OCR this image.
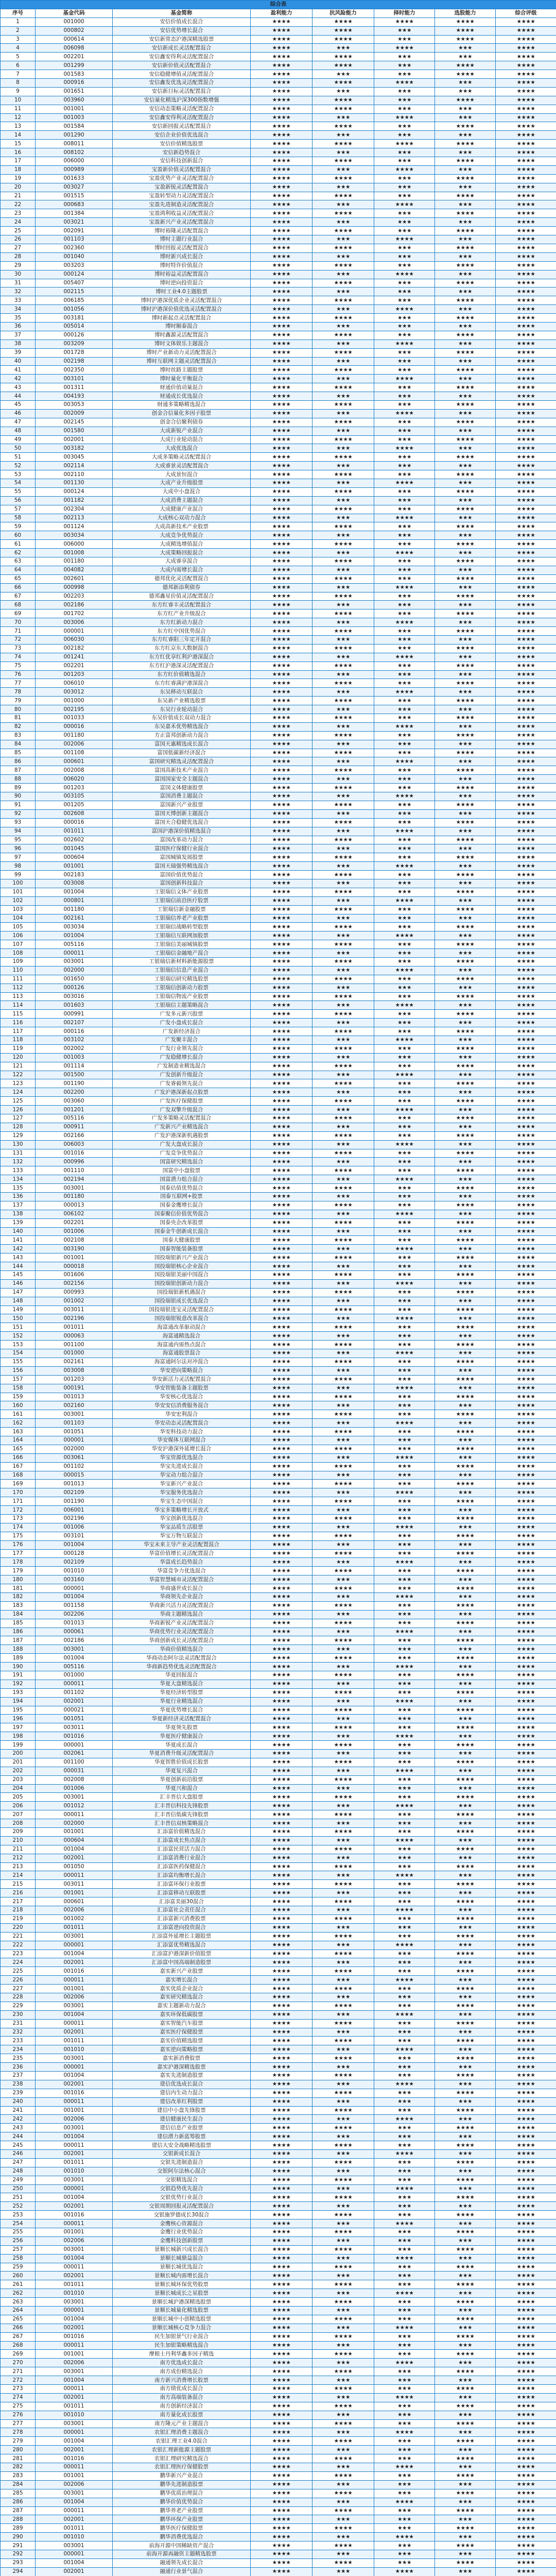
综合表							
序号	基金代码	基金简称	盈利能力	抗风险能力	择时能力	选股能力	综合评级
1	001000	安信价值成长混合	★★★★	★★★★	★★★★	★★★★	★★★★
2	000802	安信优势增长混合	★★★★	★★★★	★★★	★★★★	★★★★
3	000614	安信新常态沪港深精选股票	★★★★	★★★★	★★★	★★★★	★★★★
4	006098	安信新成长灵活配置混合	★★★★	★★★	★★★★	★★★	★★★★
5	002201	安信鑫安得利灵活配置混合	★★★★	★★★★	★★★	★★★	★★★★
6	001299	安信新价值灵活配置混合	★★★★	★★★★	★★★	★★★★	★★★★
7	001583	安信稳健增值灵活配置混合	★★★★	★★★	★★★	★★★★	★★★★
8	000916	安信鑫发优选灵活配置混合	★★★★	★★★★	★★★★	★★★	★★★★
9	001651	安信新目标灵活配置混合	★★★★	★★★	★★★	★★★	★★★★
10	003960	安信量化精选沪深300指数增强	★★★★	★★★★	★★★	★★★★	★★★★
11	001001	安信动态策略灵活配置混合	★★★★	★★★★	★★★	★★★	★★★★
12	001003	安信鑫安得利灵活配置混合	★★★★	★★★	★★★★	★★★	★★★★
13	001584	安信新回报灵活配置混合	★★★★	★★★★	★★★	★★★★	★★★★
14	001290	安信企业价值优选混合	★★★★	★★★	★★★	★★★	★★★★
15	008011	安信价值精选股票	★★★★	★★★★	★★★★	★★★★	★★★★
16	008102	安信新趋势混合	★★★★	★★★	★★★	★★★	★★★★
17	006000	安信科技创新混合	★★★★	★★★★	★★★	★★★★	★★★★
18	000989	宝盈新价值灵活配置混合	★★★★	★★★	★★★★	★★★	★★★★
19	001633	宝盈优势产业灵活配置混合	★★★★	★★★★	★★★	★★★★	★★★★
20	003027	宝盈新锐灵活配置混合	★★★★	★★★	★★★	★★★	★★★★
21	001515	宝盈转型动力灵活配置混合	★★★★	★★★★	★★★	★★★★	★★★★
22	000683	宝盈先进制造灵活配置混合	★★★★	★★★	★★★★	★★★	★★★★
23	001384	宝盈鸿利收益灵活配置混合	★★★★	★★★★	★★★	★★★★	★★★★
24	003021	宝盈新兴产业灵活配置混合	★★★★	★★★	★★★	★★★	★★★★
25	002091	博时裕隆灵活配置混合	★★★★	★★★★	★★★	★★★★	★★★★
26	001103	博时主题行业混合	★★★★	★★★	★★★★	★★★	★★★★
27	002360	博时回报灵活配置混合	★★★★	★★★★	★★★	★★★★	★★★★
28	001040	博时新兴成长混合	★★★★	★★★	★★★	★★★	★★★★
29	003203	博时特许价值混合	★★★★	★★★★	★★★	★★★★	★★★★
30	000124	博时裕益灵活配置混合	★★★★	★★★	★★★★	★★★	★★★★
31	005407	博时逆向投资混合	★★★★	★★★★	★★★	★★★★	★★★★
32	002115	博时工业4.0主题股票	★★★★	★★★	★★★	★★★	★★★★
33	006185	博时沪港深优质企业灵活配置混合	★★★★	★★★★	★★★	★★★★	★★★★
34	001056	博时沪港深价值优选灵活配置混合	★★★★	★★★	★★★★	★★★	★★★★
35	003181	博时新起点灵活配置混合	★★★★	★★★★	★★★	★★★★	★★★★
36	005014	博时颐泰混合	★★★★	★★★	★★★	★★★	★★★★
37	000126	博时鑫源灵活配置混合	★★★★	★★★★	★★★	★★★★	★★★★
38	003209	博时文体娱乐主题混合	★★★★	★★★	★★★★	★★★	★★★★
39	001728	博时产业新动力灵活配置混合	★★★★	★★★★	★★★	★★★★	★★★★
40	002198	博时互联网主题灵活配置混合	★★★★	★★★	★★★	★★★	★★★★
41	002350	博时丝路主题股票	★★★★	★★★★	★★★	★★★★	★★★★
42	003101	博时量化平衡混合	★★★★	★★★	★★★★	★★★	★★★★
43	001311	财通价值动量混合	★★★★	★★★★	★★★	★★★★	★★★★
44	004193	财通成长优选混合	★★★★	★★★	★★★	★★★	★★★★
45	003053	财通多策略精选混合	★★★★	★★★★	★★★	★★★★	★★★★
46	002009	创金合信量化多因子股票	★★★★	★★★	★★★★	★★★	★★★★
47	002145	创金合信聚利债券	★★★★	★★★★	★★★	★★★★	★★★★
48	001580	大成新锐产业混合	★★★★	★★★	★★★	★★★	★★★★
49	002001	大成行业轮动混合	★★★★	★★★★	★★★	★★★★	★★★★
50	003182	大成优选混合	★★★★	★★★	★★★★	★★★	★★★★
51	003045	大成多策略灵活配置混合	★★★★	★★★★	★★★	★★★★	★★★★
52	002114	大成睿景灵活配置混合	★★★★	★★★	★★★	★★★	★★★★
53	002110	大成景恒混合	★★★★	★★★★	★★★	★★★★	★★★★
54	001130	大成产业升级股票	★★★★	★★★	★★★★	★★★	★★★★
55	000124	大成中小盘混合	★★★★	★★★★	★★★	★★★★	★★★★
56	001182	大成消费主题混合	★★★★	★★★	★★★	★★★	★★★★
57	002304	大成健康产业混合	★★★★	★★★★	★★★	★★★★	★★★★
58	002113	大成核心双动力混合	★★★★	★★★	★★★★	★★★	★★★★
59	001124	大成高新技术产业股票	★★★★	★★★★	★★★	★★★★	★★★★
60	003034	大成竞争优势混合	★★★★	★★★	★★★	★★★	★★★★
61	006000	大成精选增值混合	★★★★	★★★★	★★★	★★★★	★★★★
62	001008	大成策略回报混合	★★★★	★★★	★★★★	★★★	★★★★
63	001180	大成睿享混合	★★★★	★★★★	★★★	★★★★	★★★★
64	004082	大成内需增长混合	★★★★	★★★	★★★	★★★	★★★★
65	002601	德邦优化灵活配置混合	★★★★	★★★★	★★★	★★★★	★★★★
66	000998	德邦新添利债券	★★★★	★★★	★★★★	★★★	★★★★
67	002203	德邦鑫星价值灵活配置混合	★★★★	★★★★	★★★	★★★★	★★★★
68	002186	东方红睿丰灵活配置混合	★★★★	★★★	★★★	★★★	★★★★
69	001702	东方红产业升级混合	★★★★	★★★★	★★★	★★★★	★★★★
70	003006	东方红新动力混合	★★★★	★★★	★★★★	★★★	★★★★
71	000001	东方红中国优势混合	★★★★	★★★★	★★★	★★★★	★★★★
72	006030	东方红睿阳三年定开混合	★★★★	★★★	★★★	★★★	★★★★
73	002182	东方红京东大数据混合	★★★★	★★★★	★★★	★★★★	★★★★
74	001241	东方红优享红利沪港深混合	★★★★	★★★	★★★★	★★★	★★★★
75	002201	东方红沪港深灵活配置混合	★★★★	★★★★	★★★	★★★★	★★★★
76	001203	东方红价值精选混合	★★★★	★★★	★★★	★★★	★★★★
77	006010	东方红睿满沪港深混合	★★★★	★★★★	★★★	★★★★	★★★★
78	003012	东吴移动互联混合	★★★★	★★★	★★★★	★★★	★★★★
79	001000	东吴新产业精选股票	★★★★	★★★★	★★★	★★★★	★★★★
80	002195	东吴行业轮动混合	★★★★	★★★	★★★	★★★	★★★★
81	001033	东吴价值成长双动力混合	★★★★	★★★★	★★★	★★★★	★★★★
82	000016	东吴嘉禾优势精选混合	★★★★	★★★	★★★★	★★★	★★★★
83	001180	方正富邦创新动力混合	★★★★	★★★★	★★★	★★★★	★★★★
84	002006	富国天惠精选成长混合	★★★★	★★★	★★★	★★★	★★★★
85	001108	富国低碳新经济混合	★★★★	★★★★	★★★	★★★★	★★★★
86	000601	富国研究精选灵活配置混合	★★★★	★★★	★★★★	★★★	★★★★
87	002008	富国高新技术产业混合	★★★★	★★★★	★★★	★★★★	★★★★
88	006020	富国国家安全主题混合	★★★★	★★★	★★★	★★★	★★★★
89	001203	富国文体健康股票	★★★★	★★★★	★★★	★★★★	★★★★
90	003105	富国消费主题混合	★★★★	★★★	★★★★	★★★	★★★★
91	001205	富国新兴产业股票	★★★★	★★★★	★★★	★★★★	★★★★
92	002608	富国天博创新主题混合	★★★★	★★★	★★★	★★★	★★★★
93	000016	富国天合稳健优选混合	★★★★	★★★★	★★★	★★★★	★★★★
94	001011	富国沪港深价值精选混合	★★★★	★★★	★★★★	★★★	★★★★
95	002602	富国改革动力混合	★★★★	★★★★	★★★	★★★★	★★★★
96	001045	富国医疗保健行业混合	★★★★	★★★	★★★	★★★	★★★★
97	000604	富国城镇发展股票	★★★★	★★★★	★★★	★★★★	★★★★
98	001001	富国天瑞强势精选混合	★★★★	★★★	★★★★	★★★	★★★★
99	002183	富国价值优势混合	★★★★	★★★★	★★★	★★★★	★★★★
100	003008	富国创新科技混合	★★★★	★★★	★★★	★★★	★★★★
101	001004	工银瑞信文体产业股票	★★★★	★★★★	★★★	★★★★	★★★★
102	000801	工银瑞信前沿医疗股票	★★★★	★★★	★★★★	★★★	★★★★
103	001180	工银瑞信新金融股票	★★★★	★★★★	★★★	★★★★	★★★★
104	002161	工银瑞信养老产业股票	★★★★	★★★	★★★	★★★	★★★★
105	003034	工银瑞信战略转型股票	★★★★	★★★★	★★★	★★★★	★★★★
106	001004	工银瑞信互联网加股票	★★★★	★★★	★★★★	★★★	★★★★
107	005116	工银瑞信美丽城镇股票	★★★★	★★★★	★★★	★★★★	★★★★
108	000011	工银瑞信金融地产混合	★★★★	★★★	★★★	★★★	★★★★
109	003001	工银瑞信新材料新能源股票	★★★★	★★★★	★★★	★★★★	★★★★
110	002000	工银瑞信信息产业混合	★★★★	★★★	★★★★	★★★	★★★★
111	001650	工银瑞信研究精选股票	★★★★	★★★★	★★★	★★★★	★★★★
112	000126	工银瑞信创新动力股票	★★★★	★★★	★★★	★★★	★★★★
113	003016	工银瑞信物流产业股票	★★★★	★★★★	★★★	★★★★	★★★★
114	001603	工银瑞信主题策略混合	★★★★	★★★	★★★★	★★★	★★★★
115	000991	广发多元新兴股票	★★★★	★★★★	★★★	★★★★	★★★★
116	002107	广发小盘成长混合	★★★★	★★★	★★★	★★★	★★★★
117	000116	广发新经济混合	★★★★	★★★★	★★★	★★★★	★★★★
118	003102	广发聚丰混合	★★★★	★★★	★★★★	★★★	★★★★
119	002002	广发行业领先混合	★★★★	★★★★	★★★	★★★★	★★★★
120	001003	广发稳健增长混合	★★★★	★★★	★★★	★★★	★★★★
121	001114	广发制造业精选混合	★★★★	★★★★	★★★	★★★★	★★★★
122	001500	广发创新升级混合	★★★★	★★★	★★★★	★★★	★★★★
123	001190	广发睿毅领先混合	★★★★	★★★★	★★★	★★★★	★★★★
124	002200	广发沪港深新起点股票	★★★★	★★★	★★★	★★★	★★★★
125	003060	广发医疗保健股票	★★★★	★★★★	★★★	★★★★	★★★★
126	001201	广发双擎升级混合	★★★★	★★★	★★★★	★★★	★★★★
127	005116	广发多策略灵活配置混合	★★★★	★★★★	★★★	★★★★	★★★★
128	000911	广发新兴产业精选混合	★★★★	★★★	★★★	★★★	★★★★
129	002166	广发沪港深新机遇股票	★★★★	★★★★	★★★	★★★★	★★★★
130	006003	广发大盘成长混合	★★★★	★★★	★★★★	★★★	★★★★
131	001016	广发竞争优势混合	★★★★	★★★★	★★★	★★★★	★★★★
132	000996	国富研究精选混合	★★★★	★★★	★★★	★★★	★★★★
133	001110	国富中小盘股票	★★★★	★★★★	★★★	★★★★	★★★★
134	002194	国富潜力组合混合	★★★★	★★★	★★★★	★★★	★★★★
135	003001	国泰估值优势混合	★★★★	★★★★	★★★	★★★★	★★★★
136	001180	国泰互联网+股票	★★★★	★★★	★★★	★★★	★★★★
137	000013	国泰金鹰增长混合	★★★★	★★★★	★★★	★★★★	★★★★
138	006102	国泰聚信价值优势混合	★★★★	★★★	★★★★	★★★	★★★★
139	002201	国泰央企改革股票	★★★★	★★★★	★★★	★★★★	★★★★
140	001006	国泰金牛创新成长混合	★★★★	★★★	★★★	★★★	★★★★
141	002108	国泰大健康股票	★★★★	★★★★	★★★	★★★★	★★★★
142	003190	国泰智能装备股票	★★★★	★★★	★★★★	★★★	★★★★
143	001001	国投瑞银新兴产业混合	★★★★	★★★★	★★★	★★★★	★★★★
144	000018	国投瑞银核心企业混合	★★★★	★★★	★★★	★★★	★★★★
145	001606	国投瑞银美丽中国混合	★★★★	★★★★	★★★	★★★★	★★★★
146	002156	国投瑞银创新动力混合	★★★★	★★★	★★★★	★★★	★★★★
147	000993	国投瑞银新机遇混合	★★★★	★★★★	★★★	★★★★	★★★★
148	001002	国投瑞银成长优选混合	★★★★	★★★	★★★	★★★	★★★★
149	003011	国投瑞银进宝灵活配置混合	★★★★	★★★★	★★★	★★★★	★★★★
150	002196	国投瑞银锐意改革混合	★★★★	★★★	★★★★	★★★	★★★★
151	001011	海富通改革驱动混合	★★★★	★★★★	★★★	★★★★	★★★★
152	000063	海富通精选混合	★★★★	★★★	★★★	★★★	★★★★
153	001100	海富通内需热点混合	★★★★	★★★★	★★★	★★★★	★★★★
154	001000	海富通股票混合	★★★★	★★★	★★★★	★★★	★★★★
155	002161	海富通阿尔法对冲混合	★★★★	★★★★	★★★	★★★★	★★★★
156	003008	华安逆向策略混合	★★★★	★★★	★★★	★★★	★★★★
157	001203	华安新活力灵活配置混合	★★★★	★★★★	★★★	★★★★	★★★★
158	000191	华安智能装备主题股票	★★★★	★★★	★★★★	★★★	★★★★
159	001013	华安核心优选混合	★★★★	★★★★	★★★	★★★★	★★★★
160	002160	华安安信消费服务混合	★★★★	★★★	★★★	★★★	★★★★
161	003001	华安宏利混合	★★★★	★★★★	★★★	★★★★	★★★★
162	001103	华安动态灵活配置混合	★★★★	★★★	★★★★	★★★	★★★★
163	001051	华安科技动力混合	★★★★	★★★★	★★★	★★★★	★★★★
164	000001	华安媒体互联网混合	★★★★	★★★	★★★	★★★	★★★★
165	002000	华安沪港深外延增长混合	★★★★	★★★★	★★★	★★★★	★★★★
166	003061	华宝资源优选混合	★★★★	★★★	★★★★	★★★	★★★★
167	001102	华宝先进成长混合	★★★★	★★★★	★★★	★★★★	★★★★
168	000015	华宝动力组合混合	★★★★	★★★	★★★	★★★	★★★★
169	001013	华宝新兴产业混合	★★★★	★★★★	★★★	★★★★	★★★★
170	002109	华宝服务优选混合	★★★★	★★★	★★★★	★★★	★★★★
171	001190	华宝生态中国混合	★★★★	★★★★	★★★	★★★★	★★★★
172	006001	华宝多策略增长开放式	★★★★	★★★	★★★	★★★	★★★★
173	002196	华宝创新优选混合	★★★★	★★★★	★★★	★★★★	★★★★
174	001006	华宝品质生活股票	★★★★	★★★	★★★★	★★★	★★★★
175	003101	华宝万物互联混合	★★★★	★★★★	★★★	★★★★	★★★★
176	001004	华宝未来主导产业灵活配置混合	★★★★	★★★	★★★	★★★	★★★★
177	000128	华富价值增长灵活配置混合	★★★★	★★★★	★★★	★★★★	★★★★
178	002109	华富成长趋势混合	★★★★	★★★	★★★★	★★★	★★★★
179	001010	华富竞争力优选混合	★★★★	★★★★	★★★	★★★★	★★★★
180	003160	华富智慧城市灵活配置混合	★★★★	★★★	★★★	★★★	★★★★
181	000001	华商盛世成长混合	★★★★	★★★★	★★★	★★★★	★★★★
182	001004	华商领先企业混合	★★★★	★★★	★★★★	★★★	★★★★
183	001158	华商新兴活力灵活配置混合	★★★★	★★★★	★★★	★★★★	★★★★
184	002206	华商主题精选混合	★★★★	★★★	★★★	★★★	★★★★
185	001013	华商新锐产业灵活配置混合	★★★★	★★★★	★★★	★★★★	★★★★
186	000061	华商优势行业灵活配置混合	★★★★	★★★	★★★★	★★★	★★★★
187	002186	华商创新成长灵活配置混合	★★★★	★★★★	★★★	★★★★	★★★★
188	003001	华商价值精选混合	★★★★	★★★	★★★	★★★	★★★★
189	001004	华商动态阿尔法灵活配置混合	★★★★	★★★★	★★★	★★★★	★★★★
190	005116	华商新趋势优选灵活配置混合	★★★★	★★★	★★★★	★★★	★★★★
191	001000	华夏回报混合	★★★★	★★★★	★★★	★★★★	★★★★
192	000011	华夏大盘精选混合	★★★★	★★★	★★★	★★★	★★★★
193	001102	华夏经济转型股票	★★★★	★★★★	★★★	★★★★	★★★★
194	002001	华夏行业精选混合	★★★★	★★★	★★★★	★★★	★★★★
195	000021	华夏优势增长混合	★★★★	★★★★	★★★	★★★★	★★★★
196	001051	华夏新经济灵活配置混合	★★★★	★★★	★★★	★★★	★★★★
197	003011	华夏领先股票	★★★★	★★★★	★★★	★★★★	★★★★
198	001016	华夏医疗健康混合	★★★★	★★★	★★★★	★★★	★★★★
199	000001	华夏成长混合	★★★★	★★★★	★★★	★★★★	★★★★
200	002061	华夏消费升级灵活配置混合	★★★★	★★★	★★★	★★★	★★★★
201	001100	华夏智胜价值成长股票	★★★★	★★★★	★★★	★★★★	★★★★
202	000031	华夏复兴混合	★★★★	★★★	★★★★	★★★	★★★★
203	002008	华夏创新前沿股票	★★★★	★★★★	★★★	★★★★	★★★★
204	001006	华夏兴和混合	★★★★	★★★	★★★	★★★	★★★★
205	003001	汇丰晋信大盘股票	★★★★	★★★★	★★★	★★★★	★★★★
206	001012	汇丰晋信科技先锋股票	★★★★	★★★	★★★★	★★★	★★★★
207	000011	汇丰晋信低碳先锋股票	★★★★	★★★★	★★★	★★★★	★★★★
208	002000	汇丰晋信双核策略混合	★★★★	★★★	★★★	★★★	★★★★
209	001001	汇添富价值精选混合	★★★★	★★★★	★★★	★★★★	★★★★
210	000604	汇添富成长焦点混合	★★★★	★★★	★★★★	★★★	★★★★
211	001004	汇添富民营活力混合	★★★★	★★★★	★★★	★★★★	★★★★
212	002001	汇添富消费行业混合	★★★★	★★★	★★★	★★★	★★★★
213	001050	汇添富医药保健混合	★★★★	★★★★	★★★	★★★★	★★★★
214	000011	汇添富均衡增长混合	★★★★	★★★	★★★★	★★★	★★★★
215	003011	汇添富环保行业股票	★★★★	★★★★	★★★	★★★★	★★★★
216	001001	汇添富移动互联股票	★★★★	★★★	★★★	★★★	★★★★
217	000601	汇添富美丽30混合	★★★★	★★★★	★★★	★★★★	★★★★
218	002006	汇添富社会责任混合	★★★★	★★★	★★★★	★★★	★★★★
219	001002	汇添富新兴消费股票	★★★★	★★★★	★★★	★★★★	★★★★
220	001011	汇添富逆向投资混合	★★★★	★★★	★★★	★★★	★★★★
221	003001	汇添富外延增长主题股票	★★★★	★★★★	★★★	★★★★	★★★★
222	000001	汇添富优势精选混合	★★★★	★★★	★★★★	★★★	★★★★
223	001004	汇添富沪港深新价值股票	★★★★	★★★★	★★★	★★★★	★★★★
224	002001	汇添富中国高端制造股票	★★★★	★★★	★★★	★★★	★★★★
225	001016	嘉实新兴产业股票	★★★★	★★★★	★★★	★★★★	★★★★
226	000011	嘉实增长混合	★★★★	★★★	★★★★	★★★	★★★★
227	001001	嘉实优质企业混合	★★★★	★★★★	★★★	★★★★	★★★★
228	002006	嘉实研究精选混合	★★★★	★★★	★★★	★★★	★★★★
229	003001	嘉实主题新动力混合	★★★★	★★★★	★★★	★★★★	★★★★
230	001004	嘉实环保低碳股票	★★★★	★★★	★★★★	★★★	★★★★
231	000011	嘉实智能汽车股票	★★★★	★★★★	★★★	★★★★	★★★★
232	002001	嘉实医疗保健股票	★★★★	★★★	★★★	★★★	★★★★
233	001011	嘉实价值精选股票	★★★★	★★★★	★★★	★★★★	★★★★
234	001010	嘉实逆向策略股票	★★★★	★★★	★★★★	★★★	★★★★
235	003001	嘉实新消费股票	★★★★	★★★★	★★★	★★★★	★★★★
236	000001	嘉实沪港深精选股票	★★★★	★★★	★★★	★★★	★★★★
237	001004	嘉实先进制造股票	★★★★	★★★★	★★★	★★★★	★★★★
238	002001	建信优选成长混合	★★★★	★★★	★★★★	★★★	★★★★
239	001016	建信内生动力混合	★★★★	★★★★	★★★	★★★★	★★★★
240	000011	建信改革红利股票	★★★★	★★★	★★★	★★★	★★★★
241	001001	建信中小盘先锋股票	★★★★	★★★★	★★★	★★★★	★★★★
242	002006	建信健康民生混合	★★★★	★★★	★★★★	★★★	★★★★
243	003001	建信信息产业股票	★★★★	★★★★	★★★	★★★★	★★★★
244	001004	建信潜力新蓝筹股票	★★★★	★★★	★★★	★★★	★★★★
245	000011	建信大安全战略精选股票	★★★★	★★★★	★★★	★★★★	★★★★
246	002001	交银新成长混合	★★★★	★★★	★★★★	★★★	★★★★
247	001011	交银先进制造混合	★★★★	★★★★	★★★	★★★★	★★★★
248	001010	交银阿尔法核心混合	★★★★	★★★	★★★	★★★	★★★★
249	003001	交银精选混合	★★★★	★★★★	★★★	★★★★	★★★★
250	000001	交银趋势优先混合	★★★★	★★★	★★★★	★★★	★★★★
251	001004	交银优势行业混合	★★★★	★★★★	★★★	★★★★	★★★★
252	002001	交银周期回报灵活配置混合	★★★★	★★★	★★★	★★★	★★★★
253	001016	交银施罗德成长30混合	★★★★	★★★★	★★★	★★★★	★★★★
254	000011	金鹰核心资源混合	★★★★	★★★	★★★★	★★★	★★★★
255	001001	金鹰行业优势混合	★★★★	★★★★	★★★	★★★★	★★★★
256	002006	金鹰科技创新股票	★★★★	★★★	★★★	★★★	★★★★
257	003001	景顺长城新兴成长混合	★★★★	★★★★	★★★	★★★★	★★★★
258	001004	景顺长城鼎益混合	★★★★	★★★	★★★★	★★★	★★★★
259	000011	景顺长城优选混合	★★★★	★★★★	★★★	★★★★	★★★★
260	002001	景顺长城内需增长混合	★★★★	★★★	★★★	★★★	★★★★
261	001011	景顺长城环保优势股票	★★★★	★★★★	★★★	★★★★	★★★★
262	001010	景顺长城成长之星股票	★★★★	★★★	★★★★	★★★	★★★★
263	003001	景顺长城沪港深精选股票	★★★★	★★★★	★★★	★★★★	★★★★
264	000001	景顺长城量化精选股票	★★★★	★★★	★★★	★★★	★★★★
265	001004	景顺长城中小创精选股票	★★★★	★★★★	★★★	★★★★	★★★★
266	002001	景顺长城核心竞争力混合	★★★★	★★★	★★★★	★★★	★★★★
267	001016	民生加银景气行业混合	★★★★	★★★★	★★★	★★★★	★★★★
268	000011	民生加银策略精选混合	★★★★	★★★	★★★	★★★	★★★★
269	001001	摩根士丹利华鑫多因子精选	★★★★	★★★★	★★★	★★★★	★★★★
270	002006	南方优选成长混合	★★★★	★★★	★★★★	★★★	★★★★
271	003001	南方成份精选混合	★★★★	★★★★	★★★	★★★★	★★★★
272	001004	南方新兴消费增长股票	★★★★	★★★	★★★	★★★	★★★★
273	000011	南方绩优成长混合	★★★★	★★★★	★★★	★★★★	★★★★
274	002001	南方高端装备混合	★★★★	★★★	★★★★	★★★	★★★★
275	001011	南方创新经济混合	★★★★	★★★★	★★★	★★★★	★★★★
276	001010	南方量化成长股票	★★★★	★★★	★★★	★★★	★★★★
277	003001	南方隆元产业主题混合	★★★★	★★★★	★★★	★★★★	★★★★
278	000001	农银汇理消费主题混合	★★★★	★★★	★★★★	★★★	★★★★
279	001004	农银汇理工业4.0混合	★★★★	★★★★	★★★	★★★★	★★★★
280	002001	农银汇理新能源主题股票	★★★★	★★★	★★★	★★★	★★★★
281	001016	农银汇理研究精选混合	★★★★	★★★★	★★★	★★★★	★★★★
282	000011	农银汇理医疗保健股票	★★★★	★★★	★★★★	★★★	★★★★
283	001001	鹏华新兴产业混合	★★★★	★★★★	★★★	★★★★	★★★★
284	002006	鹏华先进制造股票	★★★★	★★★	★★★	★★★	★★★★
285	003001	鹏华优质治理混合	★★★★	★★★★	★★★	★★★★	★★★★
286	001004	鹏华价值优势混合	★★★★	★★★	★★★★	★★★	★★★★
287	000011	鹏华养老产业股票	★★★★	★★★★	★★★	★★★★	★★★★
288	002001	鹏华环保产业股票	★★★★	★★★	★★★	★★★	★★★★
289	001011	鹏华医疗保健股票	★★★★	★★★★	★★★	★★★★	★★★★
290	001010	鹏华消费优选混合	★★★★	★★★	★★★★	★★★	★★★★
291	003001	前海开源中国稀缺资产混合	★★★★	★★★★	★★★	★★★★	★★★★
292	000001	前海开源再融资主题精选股票	★★★★	★★★	★★★	★★★	★★★★
293	001004	融通领先成长混合	★★★★	★★★★	★★★	★★★★	★★★★
294	002001	融通行业景气混合	★★★★	★★★	★★★★	★★★	★★★★
